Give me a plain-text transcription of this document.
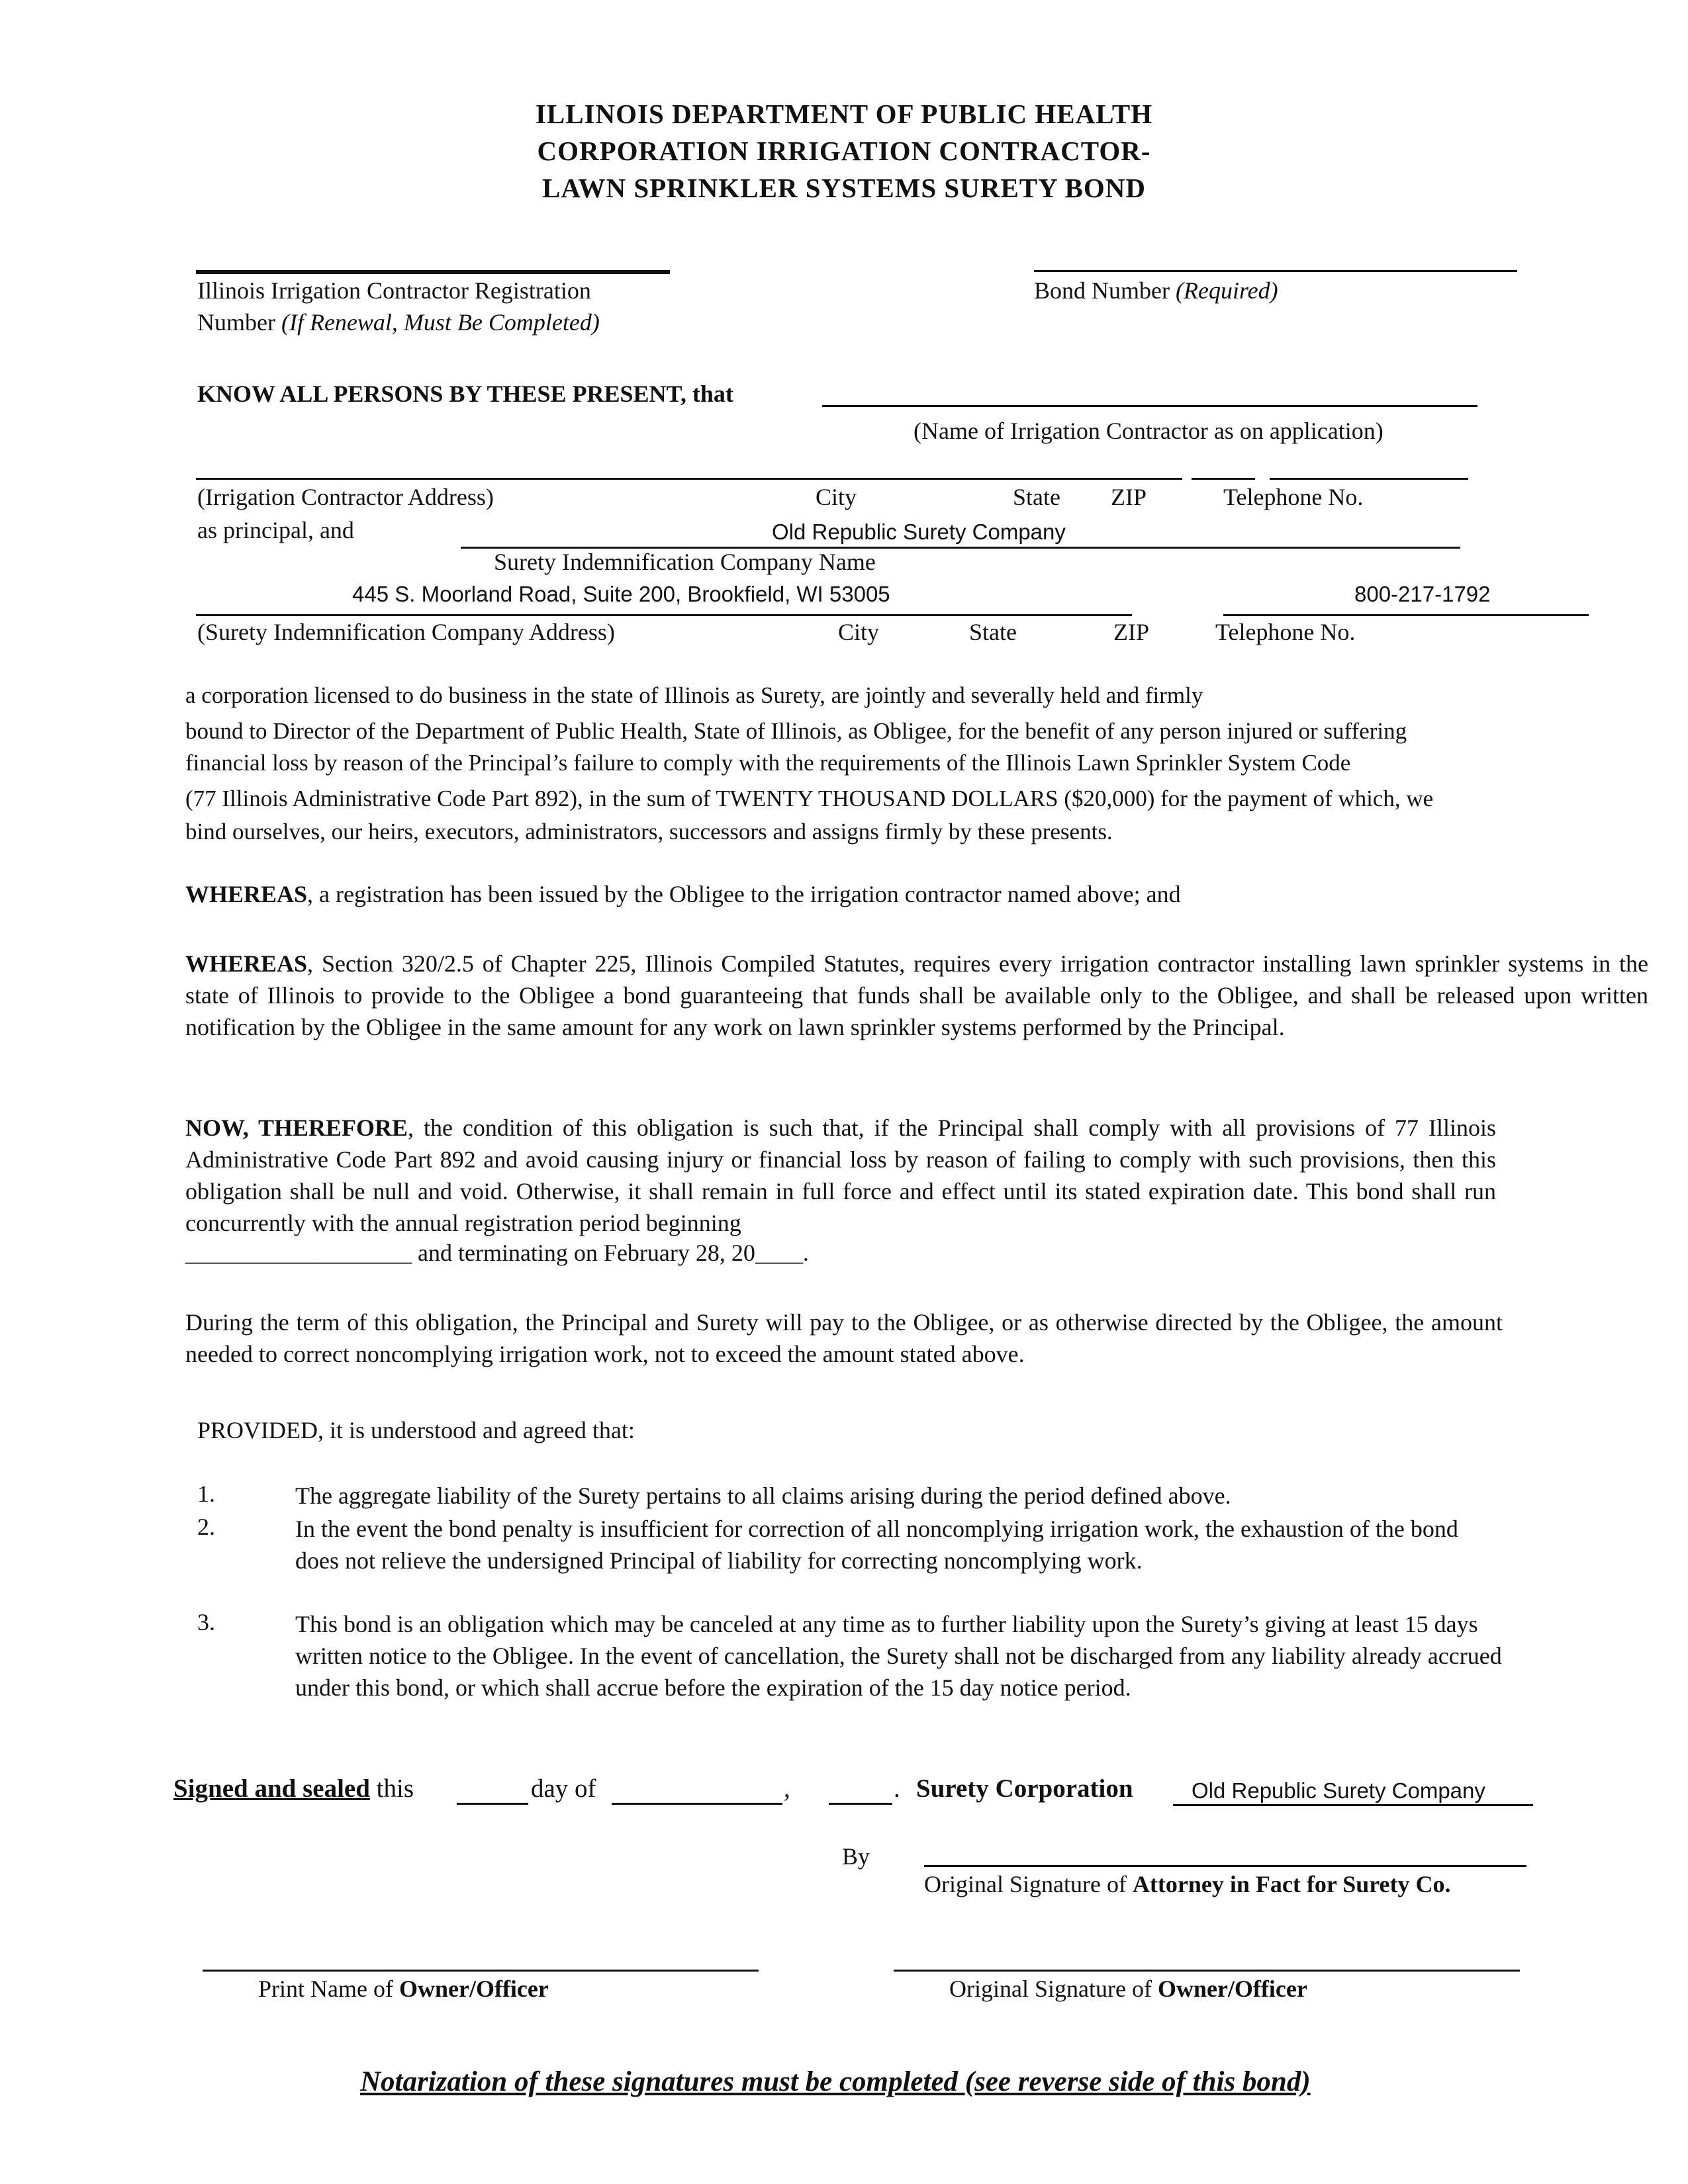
ILLINOIS DEPARTMENT OF PUBLIC HEALTH
CORPORATION IRRIGATION CONTRACTOR-
LAWN SPRINKLER SYSTEMS SURETY BOND
Illinois Irrigation Contractor Registration
Number (If Renewal, Must Be Completed)
Bond Number (Required)
KNOW ALL PERSONS BY THESE PRESENT, that
(Name of Irrigation Contractor as on application)
(Irrigation Contractor Address)	City	State ZIP	Telephone No.
as principal, and	Old Republic Surety Company
Surety Indemnification Company Name
445 S. Moorland Road, Suite 200, Brookfield, WI 53005	800-217-1792
(Surety Indemnification Company Address)	City	State	ZIP	Telephone No.
a corporation licensed to do business in the state of Illinois as Surety, are jointly and severally held and firmly
bound to Director of the Department of Public Health, State of Illinois, as Obligee, for the benefit of any person injured or suffering
financial loss by reason of the Principal’s failure to comply with the requirements of the Illinois Lawn Sprinkler System Code
(77 Illinois Administrative Code Part 892), in the sum of TWENTY THOUSAND DOLLARS ($20,000) for the payment of which, we
bind ourselves, our heirs, executors, administrators, successors and assigns firmly by these presents.
WHEREAS, a registration has been issued by the Obligee to the irrigation contractor named above; and
WHEREAS, Section 320/2.5 of Chapter 225, Illinois Compiled Statutes, requires every irrigation contractor installing lawn sprinkler systems in the state of Illinois to provide to the Obligee a bond guaranteeing that funds shall be available only to the Obligee, and shall be released upon written notification by the Obligee in the same amount for any work on lawn sprinkler systems performed by the Principal.
NOW, THEREFORE, the condition of this obligation is such that, if the Principal shall comply with all provisions of 77 Illinois Administrative Code Part 892 and avoid causing injury or financial loss by reason of failing to comply with such provisions, then this obligation shall be null and void. Otherwise, it shall remain in full force and effect until its stated expiration date. This bond shall run concurrently with the annual registration period beginning
___________________ and terminating on February 28, 20____.
During the term of this obligation, the Principal and Surety will pay to the Obligee, or as otherwise directed by the Obligee, the amount needed to correct noncomplying irrigation work, not to exceed the amount stated above.
PROVIDED, it is understood and agreed that:
1.	The aggregate liability of the Surety pertains to all claims arising during the period defined above.
2.	In the event the bond penalty is insufficient for correction of all noncomplying irrigation work, the exhaustion of the bond does not relieve the undersigned Principal of liability for correcting noncomplying work.
3.	This bond is an obligation which may be canceled at any time as to further liability upon the Surety’s giving at least 15 days written notice to the Obligee. In the event of cancellation, the Surety shall not be discharged from any liability already accrued under this bond, or which shall accrue before the expiration of the 15 day notice period.
Signed and sealed this	day of	,	. Surety Corporation	Old Republic Surety Company
By
Original Signature of Attorney in Fact for Surety Co.
Print Name of Owner/Officer	Original Signature of Owner/Officer
Notarization of these signatures must be completed (see reverse side of this bond)
